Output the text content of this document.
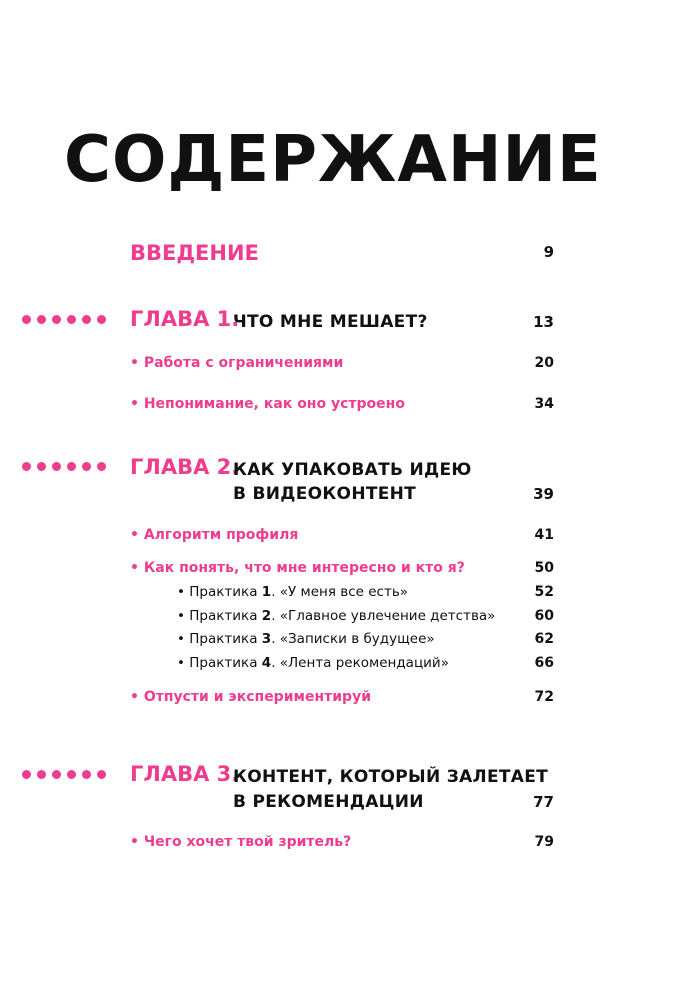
СОДЕРЖАНИЕ
ВВЕДЕНИЕ	9
ГЛАВА 1.
ЧТО МНЕ МЕШАЕТ?	13
• Работа с ограничениями	20
• Непонимание, как оно устроено	34
ГЛАВА 2.
КАК УПАКОВАТЬ ИДЕЮ
В ВИДЕОКОНТЕНТ	39
• Алгоритм профиля	41
• Как понять, что мне интересно и кто я?	50
• Практика 1. «У меня все есть»	52
• Практика 2. «Главное увлечение детства»	60
• Практика 3. «Записки в будущее»	62
• Практика 4. «Лента рекомендаций»	66
• Отпусти и экспериментируй	72
ГЛАВА 3.
КОНТЕНТ, КОТОРЫЙ ЗАЛЕТАЕТ
В РЕКОМЕНДАЦИИ	77
• Чего хочет твой зритель?	79
